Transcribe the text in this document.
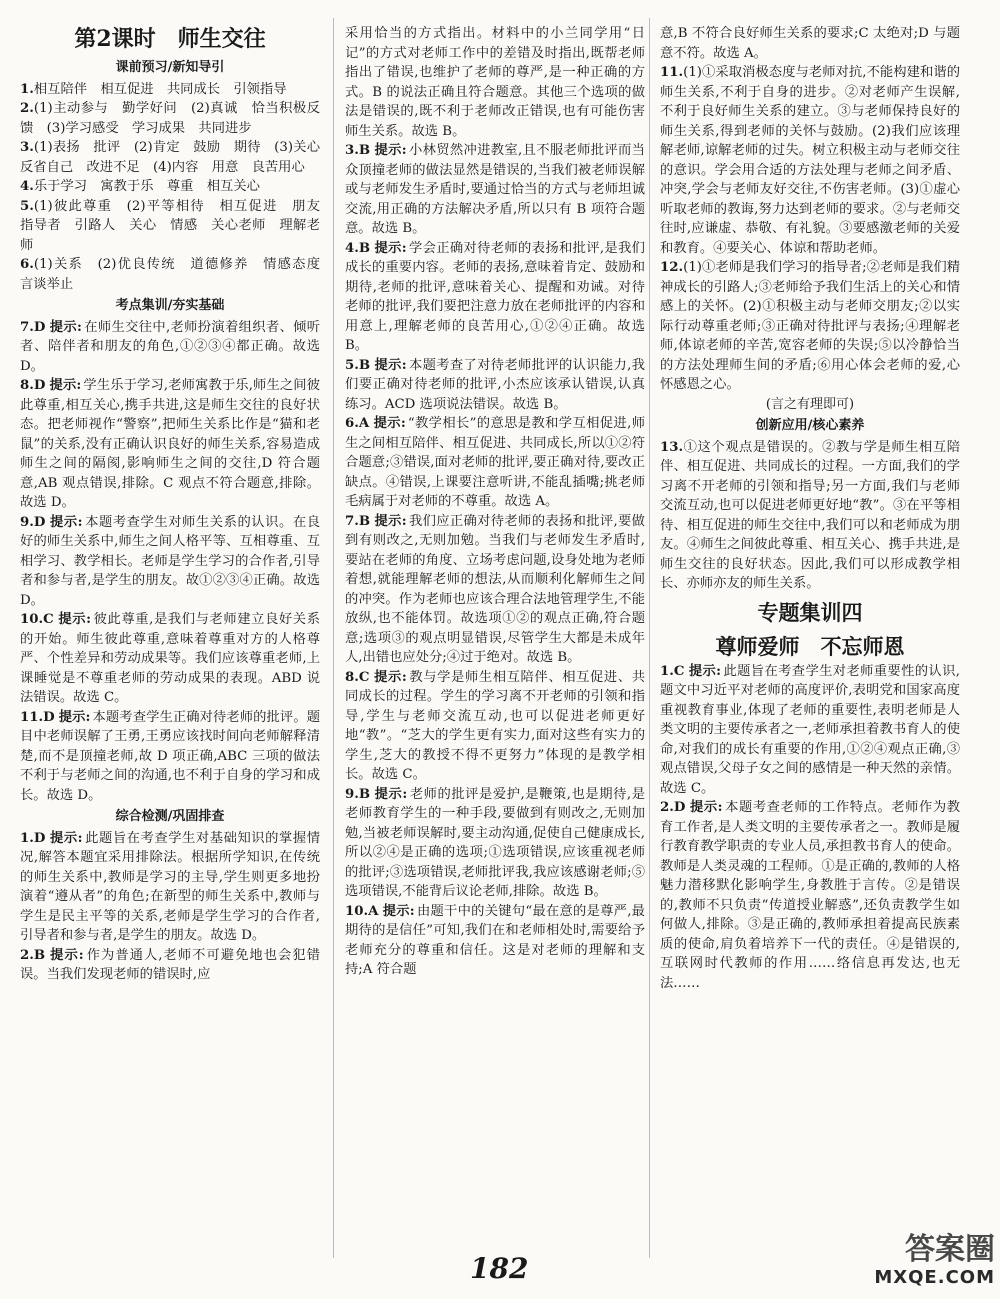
第2课时　师生交往
课前预习/新知导引

1.相互陪伴　相互促进　共同成长　引领指导

2.(1)主动参与　勤学好问　(2)真诚　恰当积极反馈　(3)学习感受　学习成果　共同进步

3.(1)表扬　批评　(2)肯定　鼓励　期待　(3)关心　反省自己　改进不足　(4)内容　用意　良苦用心

4.乐于学习　寓教于乐　尊重　相互关心

5.(1)彼此尊重　(2)平等相待　相互促进　朋友　指导者　引路人　关心　情感　关心老师　理解老师

6.(1)关系　(2)优良传统　道德修养　情感态度　言谈举止

考点集训/夯实基础

7.D 提示: 在师生交往中,老师扮演着组织者、倾听者、陪伴者和朋友的角色,①②③④都正确。故选 D。

8.D 提示: 学生乐于学习,老师寓教于乐,师生之间彼此尊重,相互关心,携手共进,这是师生交往的良好状态。把老师视作“警察”,把师生关系比作是“猫和老鼠”的关系,没有正确认识良好的师生关系,容易造成师生之间的隔阂,影响师生之间的交往,D 符合题意,AB 观点错误,排除。C 观点不符合题意,排除。故选 D。

9.D 提示: 本题考查学生对师生关系的认识。在良好的师生关系中,师生之间人格平等、互相尊重、互相学习、教学相长。老师是学生学习的合作者,引导者和参与者,是学生的朋友。故①②③④正确。故选 D。

10.C 提示: 彼此尊重,是我们与老师建立良好关系的开始。师生彼此尊重,意味着尊重对方的人格尊严、个性差异和劳动成果等。我们应该尊重老师,上课睡觉是不尊重老师的劳动成果的表现。ABD 说法错误。故选 C。

11.D 提示: 本题考查学生正确对待老师的批评。题目中老师误解了王勇,王勇应该找时间向老师解释清楚,而不是顶撞老师,故 D 项正确,ABC 三项的做法不利于与老师之间的沟通,也不利于自身的学习和成长。故选 D。

综合检测/巩固排查

1.D 提示: 此题旨在考查学生对基础知识的掌握情况,解答本题宜采用排除法。根据所学知识,在传统的师生关系中,教师是学习的主导,学生则更多地扮演着“遵从者”的角色;在新型的师生关系中,教师与学生是民主平等的关系,老师是学生学习的合作者,引导者和参与者,是学生的朋友。故选 D。

2.B 提示: 作为普通人,老师不可避免地也会犯错误。当我们发现老师的错误时,应

采用恰当的方式指出。材料中的小兰同学用“日记”的方式对老师工作中的差错及时指出,既帮老师指出了错误,也维护了老师的尊严,是一种正确的方式。B 的说法正确且符合题意。其他三个选项的做法是错误的,既不利于老师改正错误,也有可能伤害师生关系。故选 B。

3.B 提示: 小林贸然冲进教室,且不服老师批评而当众顶撞老师的做法显然是错误的,当我们被老师误解或与老师发生矛盾时,要通过恰当的方式与老师坦诚交流,用正确的方法解决矛盾,所以只有 B 项符合题意。故选 B。

4.B 提示: 学会正确对待老师的表扬和批评,是我们成长的重要内容。老师的表扬,意味着肯定、鼓励和期待,老师的批评,意味着关心、提醒和劝诫。对待老师的批评,我们要把注意力放在老师批评的内容和用意上,理解老师的良苦用心,①②④正确。故选 B。

5.B 提示: 本题考查了对待老师批评的认识能力,我们要正确对待老师的批评,小杰应该承认错误,认真练习。ACD 选项说法错误。故选 B。

6.A 提示: “教学相长”的意思是教和学互相促进,师生之间相互陪伴、相互促进、共同成长,所以①②符合题意;③错误,面对老师的批评,要正确对待,要改正缺点。④错误,上课要注意听讲,不能乱插嘴;挑老师毛病属于对老师的不尊重。故选 A。

7.B 提示: 我们应正确对待老师的表扬和批评,要做到有则改之,无则加勉。当我们与老师发生矛盾时,要站在老师的角度、立场考虑问题,设身处地为老师着想,就能理解老师的想法,从而顺利化解师生之间的冲突。作为老师也应该合理合法地管理学生,不能放纵,也不能体罚。故选项①②的观点正确,符合题意;选项③的观点明显错误,尽管学生大都是未成年人,出错也应处分;④过于绝对。故选 B。

8.C 提示: 教与学是师生相互陪伴、相互促进、共同成长的过程。学生的学习离不开老师的引领和指导,学生与老师交流互动,也可以促进老师更好地“教”。“芝大的学生更有实力,面对这些有实力的学生,芝大的教授不得不更努力”体现的是教学相长。故选 C。

9.B 提示: 老师的批评是爱护,是鞭策,也是期待,是老师教育学生的一种手段,要做到有则改之,无则加勉,当被老师误解时,要主动沟通,促使自己健康成长,所以②④是正确的选项;①选项错误,应该重视老师的批评;③选项错误,老师批评我,我应该感谢老师;⑤选项错误,不能背后议论老师,排除。故选 B。

10.A 提示: 由题干中的关键句“最在意的是尊严,最期待的是信任”可知,我们在和老师相处时,需要给予老师充分的尊重和信任。这是对老师的理解和支持;A 符合题

意,B 不符合良好师生关系的要求;C 太绝对;D 与题意不符。故选 A。

11.(1)①采取消极态度与老师对抗,不能构建和谐的师生关系,不利于自身的进步。②对老师产生误解,不利于良好师生关系的建立。③与老师保持良好的师生关系,得到老师的关怀与鼓励。(2)我们应该理解老师,谅解老师的过失。树立积极主动与老师交往的意识。学会用合适的方法处理与老师之间矛盾、冲突,学会与老师友好交往,不伤害老师。(3)①虚心听取老师的教诲,努力达到老师的要求。②与老师交往时,应谦虚、恭敬、有礼貌。③要感激老师的关爱和教育。④要关心、体谅和帮助老师。

12.(1)①老师是我们学习的指导者;②老师是我们精神成长的引路人;③老师给予我们生活上的关心和情感上的关怀。(2)①积极主动与老师交朋友;②以实际行动尊重老师;③正确对待批评与表扬;④理解老师,体谅老师的辛苦,宽容老师的失误;⑤以冷静恰当的方法处理师生间的矛盾;⑥用心体会老师的爱,心怀感恩之心。

(言之有理即可)
创新应用/核心素养

13.①这个观点是错误的。②教与学是师生相互陪伴、相互促进、共同成长的过程。一方面,我们的学习离不开老师的引领和指导;另一方面,我们与老师交流互动,也可以促进老师更好地“教”。③在平等相待、相互促进的师生交往中,我们可以和老师成为朋友。④师生之间彼此尊重、相互关心、携手共进,是师生交往的良好状态。因此,我们可以形成教学相长、亦师亦友的师生关系。

专题集训四
尊师爱师　不忘师恩

1.C 提示: 此题旨在考查学生对老师重要性的认识,题文中习近平对老师的高度评价,表明党和国家高度重视教育事业,体现了老师的重要性,表明老师是人类文明的主要传承者之一,老师承担着教书育人的使命,对我们的成长有重要的作用,①②④观点正确,③观点错误,父母子女之间的感情是一种天然的亲情。故选 C。

2.D 提示: 本题考查老师的工作特点。老师作为教育工作者,是人类文明的主要传承者之一。教师是履行教育教学职责的专业人员,承担教书育人的使命。教师是人类灵魂的工程师。①是正确的,教师的人格魅力潜移默化影响学生,身教胜于言传。②是错误的,教师不只负责“传道授业解惑”,还负责教学生如何做人,排除。③是正确的,教师承担着提高民族素质的使命,肩负着培养下一代的责任。④是错误的,互联网时代教师的作用……络信息再发达,也无法……

182
答案圈
MXQE.COM
